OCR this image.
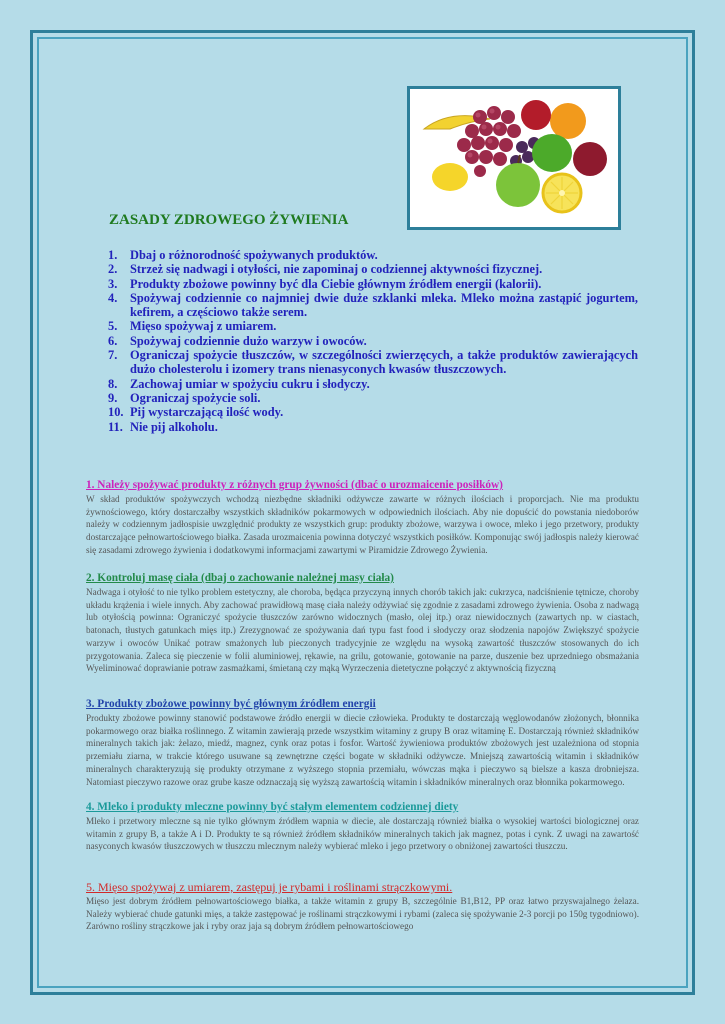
ZASADY ZDROWEGO ŻYWIENIA
1.	Dbaj o różnorodność spożywanych produktów.
2.	Strzeż się nadwagi i otyłości, nie zapominaj o codziennej aktywności fizycznej.
3.	Produkty zbożowe powinny być dla Ciebie głównym źródłem energii (kalorii).
4.	Spożywaj codziennie co najmniej dwie duże szklanki mleka. Mleko można zastąpić jogurtem, kefirem, a częściowo także serem.
5.	Mięso spożywaj z umiarem.
6.	Spożywaj codziennie dużo warzyw i owoców.
7.	Ograniczaj spożycie tłuszczów, w szczególności zwierzęcych, a także produktów zawierających dużo cholesterolu i izomery trans nienasyconych kwasów tłuszczowych.
8.	Zachowaj umiar w spożyciu cukru i słodyczy.
9.	Ograniczaj spożycie soli.
10. Pij wystarczającą ilość wody.
11. Nie pij alkoholu.
1. Należy spożywać produkty z różnych grup żywności (dbać o urozmaicenie posiłków)

W skład produktów spożywczych wchodzą niezbędne składniki odżywcze zawarte w różnych ilościach i proporcjach. Nie ma produktu żywnościowego, który dostarczałby wszystkich składników pokarmowych w odpowiednich ilościach. Aby nie dopuścić do powstania niedoborów należy w codziennym jadłospisie uwzględnić produkty ze wszystkich grup: produkty zbożowe, warzywa i owoce, mleko i jego przetwory, produkty dostarczające pełnowartościowego białka. Zasada urozmaicenia powinna dotyczyć wszystkich posiłków. Komponując swój jadłospis należy kierować się zasadami zdrowego żywienia i dodatkowymi informacjami zawartymi w Piramidzie Zdrowego Żywienia.

2. Kontroluj masę ciała (dbaj o zachowanie należnej masy ciała)

Nadwaga i otyłość to nie tylko problem estetyczny, ale choroba, będąca przyczyną innych chorób takich jak: cukrzyca, nadciśnienie tętnicze, choroby układu krążenia i wiele innych. Aby zachować prawidłową masę ciała należy odżywiać się zgodnie z zasadami zdrowego żywienia. Osoba z nadwagą lub otyłością powinna: Ograniczyć spożycie tłuszczów zarówno widocznych (masło, olej itp.) oraz niewidocznych (zawartych np. w ciastach, batonach, tłustych gatunkach mięs itp.) Zrezygnować ze spożywania dań typu fast food i słodyczy oraz słodzenia napojów Zwiększyć spożycie warzyw i owoców Unikać potraw smażonych lub pieczonych tradycyjnie ze względu na wysoką zawartość tłuszczów stosowanych do ich przygotowania. Zaleca się pieczenie w folii aluminiowej, rękawie, na grilu, gotowanie, gotowanie na parze, duszenie bez uprzedniego obsmażania Wyeliminować doprawianie potraw zasmażkami, śmietaną czy mąką Wyrzeczenia dietetyczne połączyć z aktywnością fizyczną

3. Produkty zbożowe powinny być głównym źródłem energii

Produkty zbożowe powinny stanowić podstawowe źródło energii w diecie człowieka. Produkty te dostarczają węglowodanów złożonych, błonnika pokarmowego oraz białka roślinnego. Z witamin zawierają przede wszystkim witaminy z grupy B oraz witaminę E. Dostarczają również składników mineralnych takich jak: żelazo, miedź, magnez, cynk oraz potas i fosfor. Wartość żywieniowa produktów zbożowych jest uzależniona od stopnia przemiału ziarna, w trakcie którego usuwane są zewnętrzne części bogate w składniki odżywcze. Mniejszą zawartością witamin i składników mineralnych charakteryzują się produkty otrzymane z wyższego stopnia przemiału, wówczas mąka i pieczywo są bielsze a kasza drobniejsza. Natomiast pieczywo razowe oraz grube kasze odznaczają się wyższą zawartością witamin i składników mineralnych oraz błonnika pokarmowego.

4. Mleko i produkty mleczne powinny być stałym elementem codziennej diety

Mleko i przetwory mleczne są nie tylko głównym źródłem wapnia w diecie, ale dostarczają również białka o wysokiej wartości biologicznej oraz witamin z grupy B, a także A i D. Produkty te są również źródłem składników mineralnych takich jak magnez, potas i cynk. Z uwagi na zawartość nasyconych kwasów tłuszczowych w tłuszczu mlecznym należy wybierać mleko i jego przetwory o obniżonej zawartości tłuszczu.

5. Mięso spożywaj z umiarem, zastępuj je rybami i roślinami strączkowymi.

Mięso jest dobrym źródłem pełnowartościowego białka, a także witamin z grupy B, szczególnie B1,B12, PP oraz łatwo przyswajalnego żelaza. Należy wybierać chude gatunki mięs, a także zastępować je roślinami strączkowymi i rybami (zaleca się spożywanie 2-3 porcji po 150g tygodniowo). Zarówno rośliny strączkowe jak i ryby oraz jaja są dobrym źródłem pełnowartościowego
